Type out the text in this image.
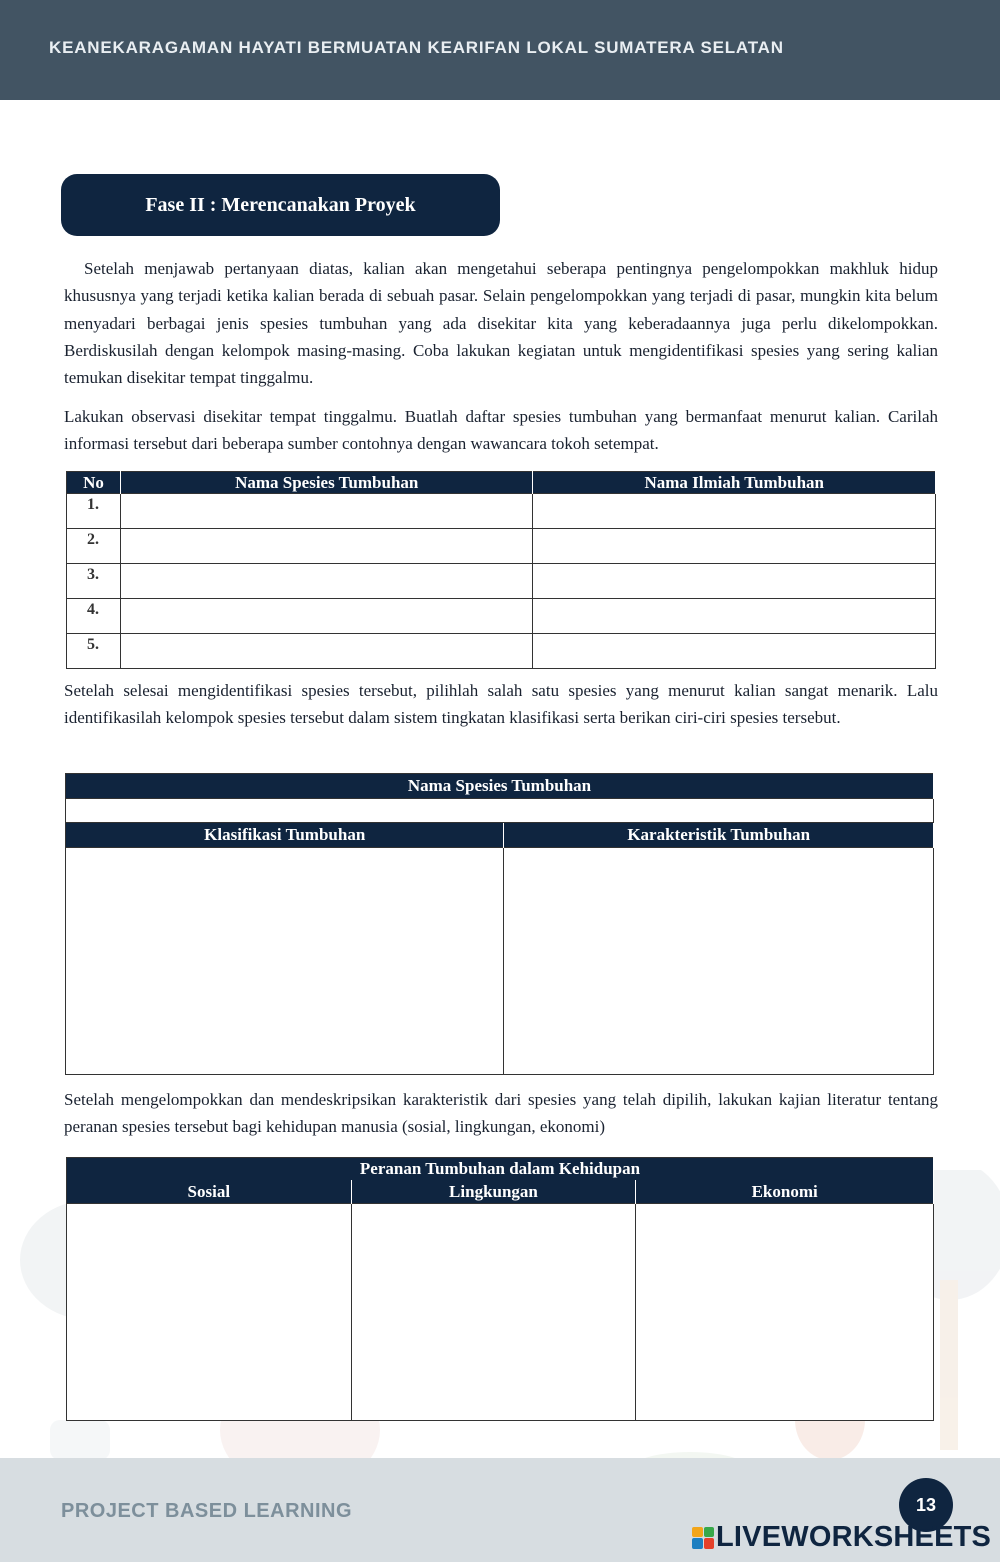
KEANEKARAGAMAN HAYATI BERMUATAN KEARIFAN LOKAL SUMATERA SELATAN
Fase II : Merencanakan Proyek

Setelah menjawab pertanyaan diatas, kalian akan mengetahui seberapa pentingnya pengelompokkan makhluk hidup khususnya yang terjadi ketika kalian berada di sebuah pasar. Selain pengelompokkan yang terjadi di pasar, mungkin kita belum menyadari berbagai jenis spesies tumbuhan yang ada disekitar kita yang keberadaannya juga perlu dikelompokkan. Berdiskusilah dengan kelompok masing-masing. Coba lakukan kegiatan untuk mengidentifikasi spesies yang sering kalian temukan disekitar tempat tinggalmu.

Lakukan observasi disekitar tempat tinggalmu. Buatlah daftar spesies tumbuhan yang bermanfaat menurut kalian. Carilah informasi tersebut dari beberapa sumber contohnya dengan wawancara tokoh setempat.

No	Nama Spesies Tumbuhan	Nama Ilmiah Tumbuhan
1.		
2.		
3.		
4.		
5.		

Setelah selesai mengidentifikasi spesies tersebut, pilihlah salah satu spesies yang menurut kalian sangat menarik. Lalu identifikasilah kelompok spesies tersebut dalam sistem tingkatan klasifikasi serta berikan ciri-ciri spesies tersebut.

Nama Spesies Tumbuhan	

Klasifikasi Tumbuhan	Karakteristik Tumbuhan

Setelah mengelompokkan dan mendeskripsikan karakteristik dari spesies yang telah dipilih, lakukan kajian literatur tentang peranan spesies tersebut bagi kehidupan manusia (sosial, lingkungan, ekonomi)

Peranan Tumbuhan dalam Kehidupan		
Sosial	Lingkungan	Ekonomi

PROJECT BASED LEARNING	13
LIVEWORKSHEETS
